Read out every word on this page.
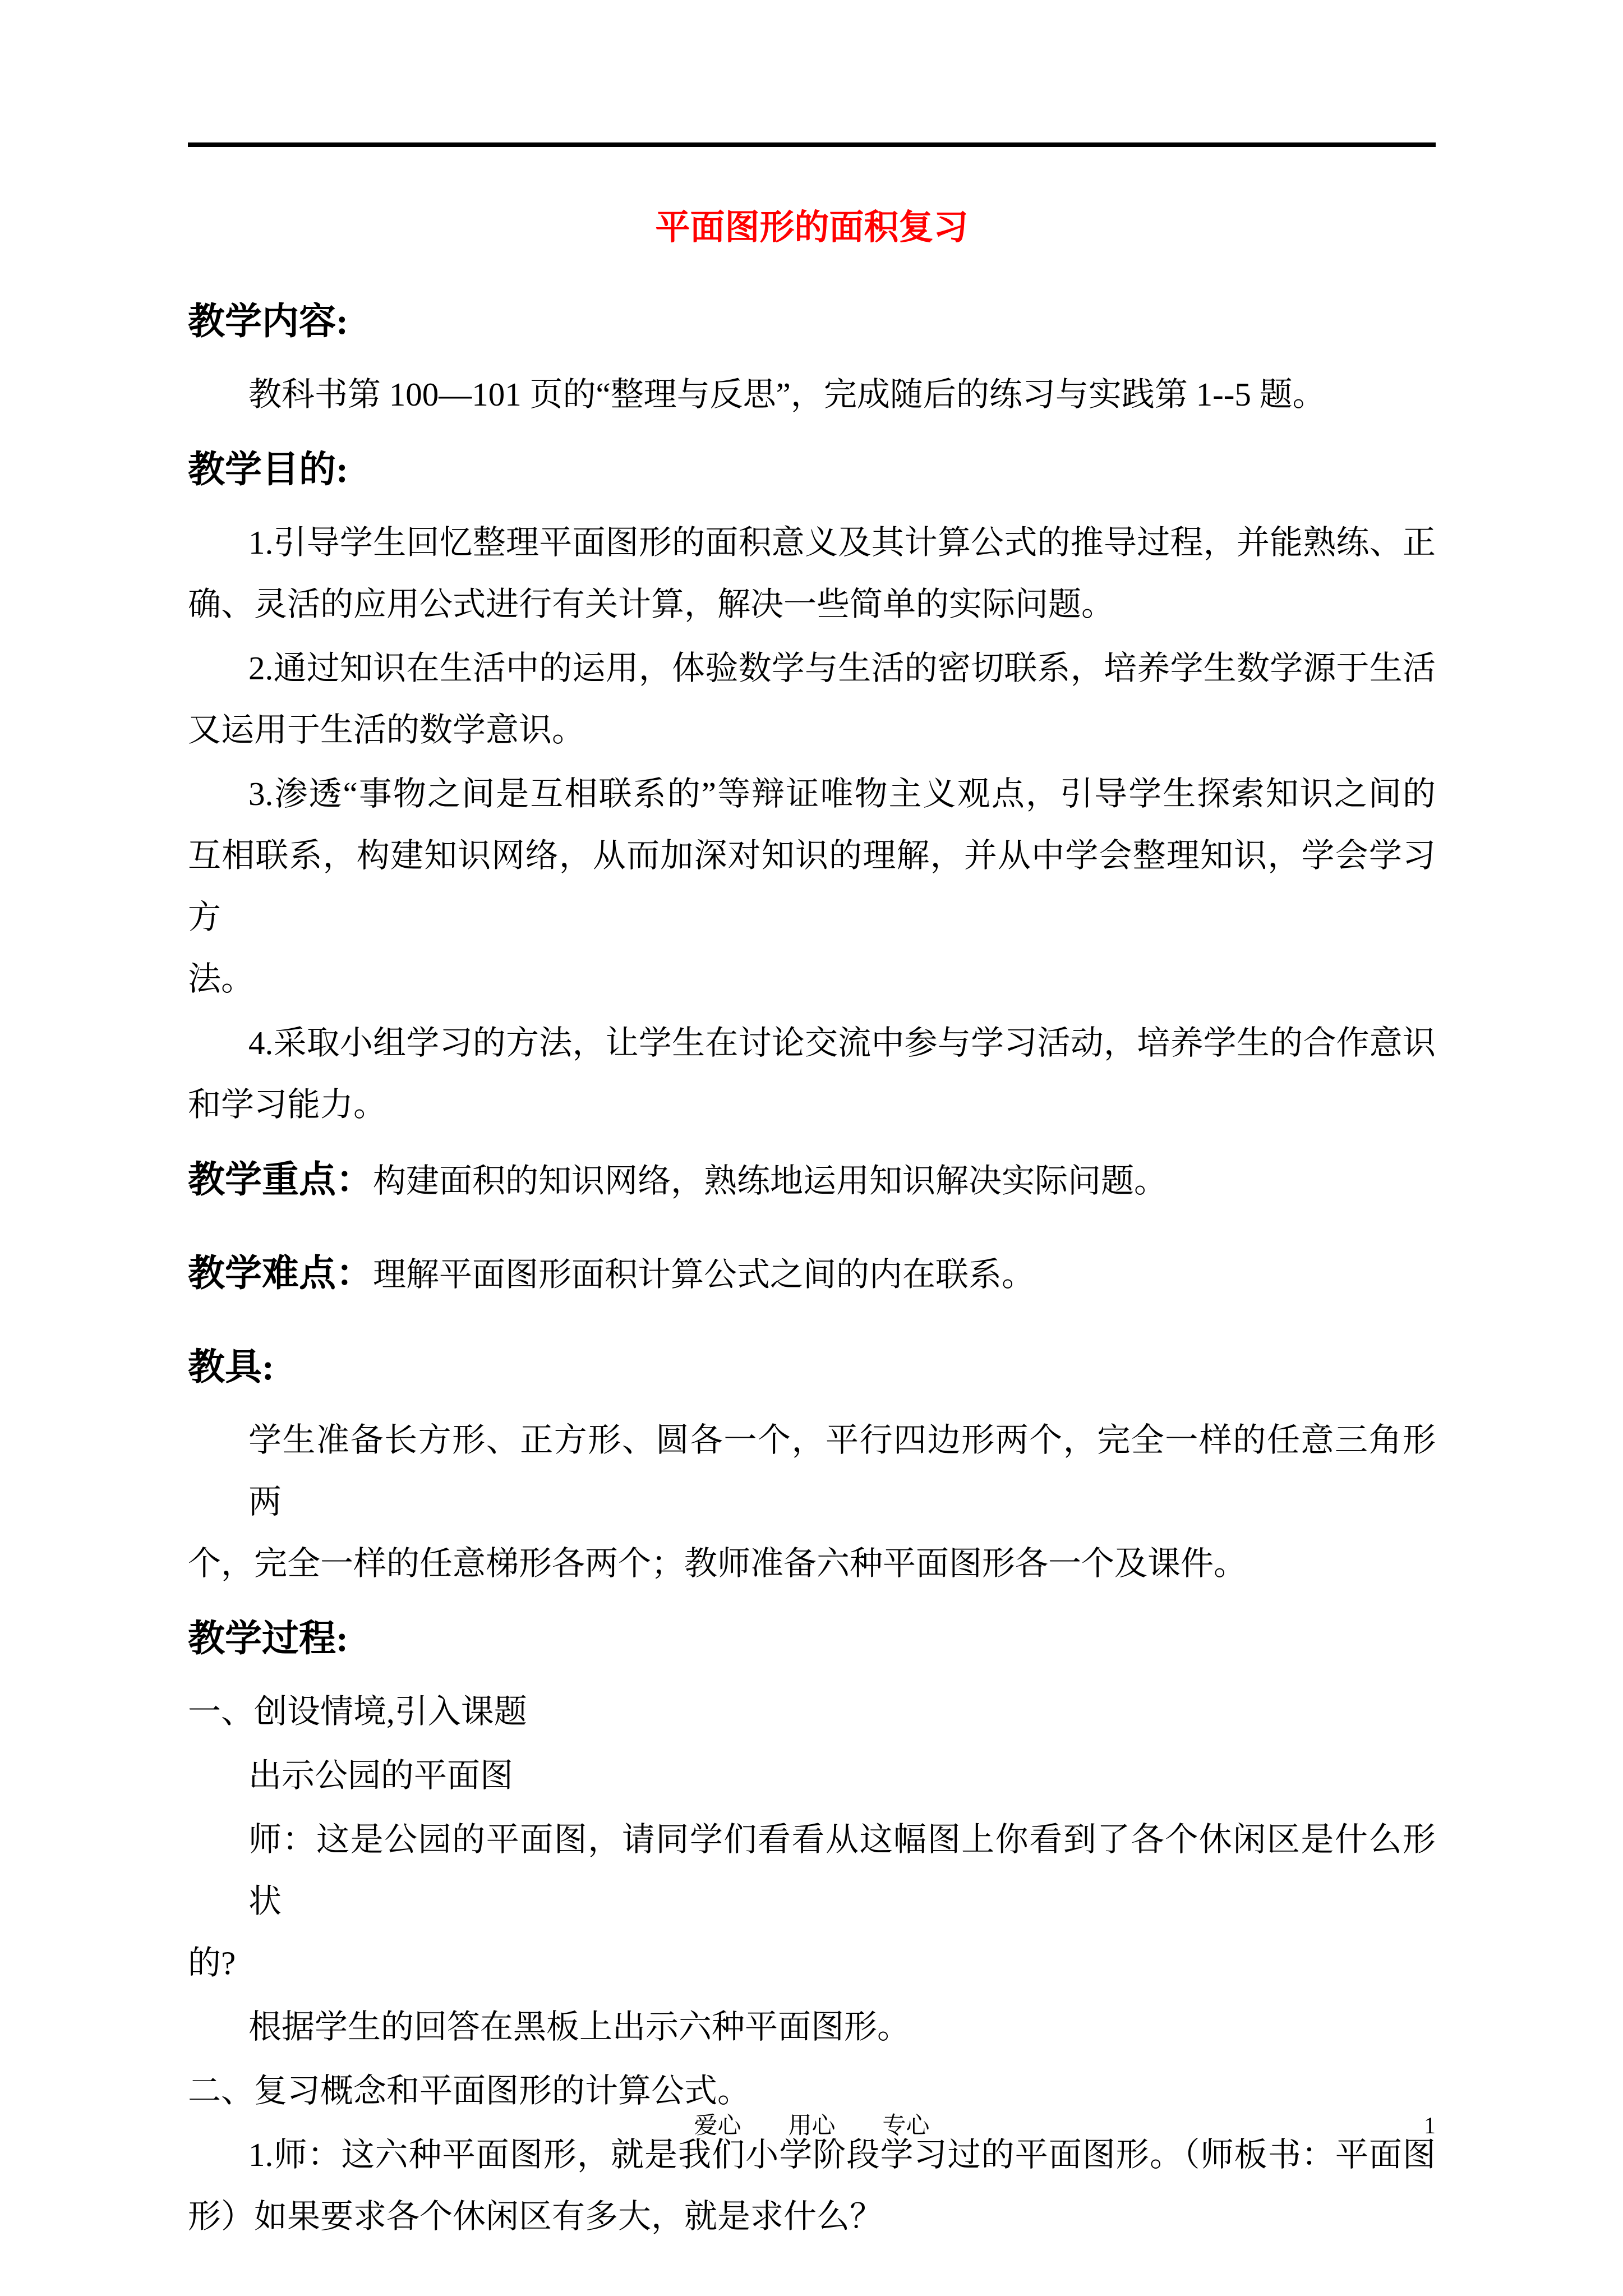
平面图形的面积复习
教学内容:
教科书第 100—101 页的“整理与反思”，完成随后的练习与实践第 1--5 题。
教学目的:
1.引导学生回忆整理平面图形的面积意义及其计算公式的推导过程，并能熟练、正
确、灵活的应用公式进行有关计算，解决一些简单的实际问题。
2.通过知识在生活中的运用，体验数学与生活的密切联系，培养学生数学源于生活
又运用于生活的数学意识。
3.渗透“事物之间是互相联系的”等辩证唯物主义观点，引导学生探索知识之间的
互相联系，构建知识网络，从而加深对知识的理解，并从中学会整理知识，学会学习方
法。
4.采取小组学习的方法，让学生在讨论交流中参与学习活动，培养学生的合作意识
和学习能力。
教学重点：构建面积的知识网络，熟练地运用知识解决实际问题。
教学难点：理解平面图形面积计算公式之间的内在联系。
教具:
学生准备长方形、正方形、圆各一个，平行四边形两个，完全一样的任意三角形两
个，完全一样的任意梯形各两个；教师准备六种平面图形各一个及课件。
教学过程:
一、创设情境,引入课题
出示公园的平面图
师：这是公园的平面图，请同学们看看从这幅图上你看到了各个休闲区是什么形状
的?
根据学生的回答在黑板上出示六种平面图形。
二、复习概念和平面图形的计算公式。
1.师：这六种平面图形，就是我们小学阶段学习过的平面图形。（师板书：平面图
形）如果要求各个休闲区有多大，就是求什么？
爱心　　用心　　专心	1
